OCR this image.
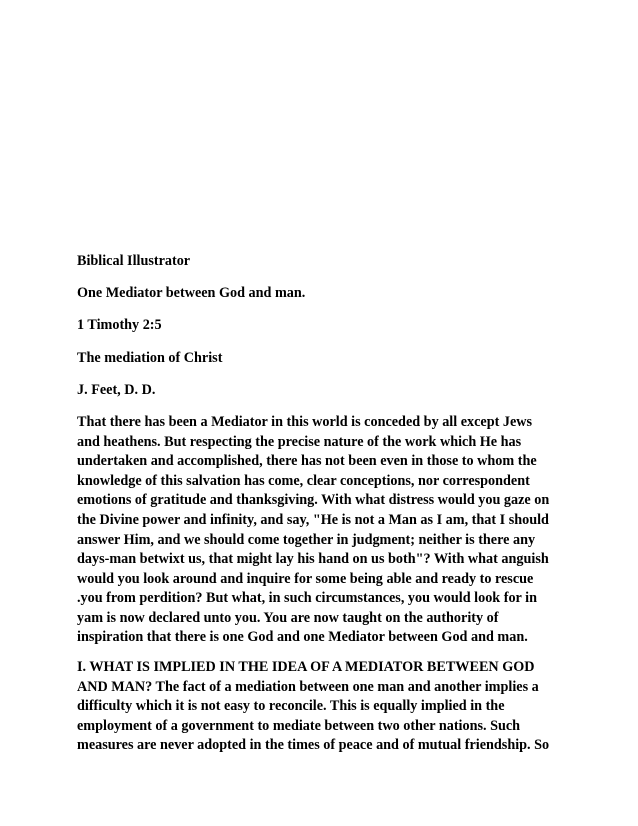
Biblical Illustrator
One Mediator between God and man.
1 Timothy 2:5
The mediation of Christ
J. Feet, D. D.
That there has been a Mediator in this world is conceded by all except Jews
and heathens. But respecting the precise nature of the work which He has
undertaken and accomplished, there has not been even in those to whom the
knowledge of this salvation has come, clear conceptions, nor correspondent
emotions of gratitude and thanksgiving. With what distress would you gaze on
the Divine power and infinity, and say, "He is not a Man as I am, that I should
answer Him, and we should come together in judgment; neither is there any
days-man betwixt us, that might lay his hand on us both"? With what anguish
would you look around and inquire for some being able and ready to rescue
.you from perdition? But what, in such circumstances, you would look for in
yam is now declared unto you. You are now taught on the authority of
inspiration that there is one God and one Mediator between God and man.
I. WHAT IS IMPLIED IN THE IDEA OF A MEDIATOR BETWEEN GOD
AND MAN? The fact of a mediation between one man and another implies a
difficulty which it is not easy to reconcile. This is equally implied in the
employment of a government to mediate between two other nations. Such
measures are never adopted in the times of peace and of mutual friendship. So
